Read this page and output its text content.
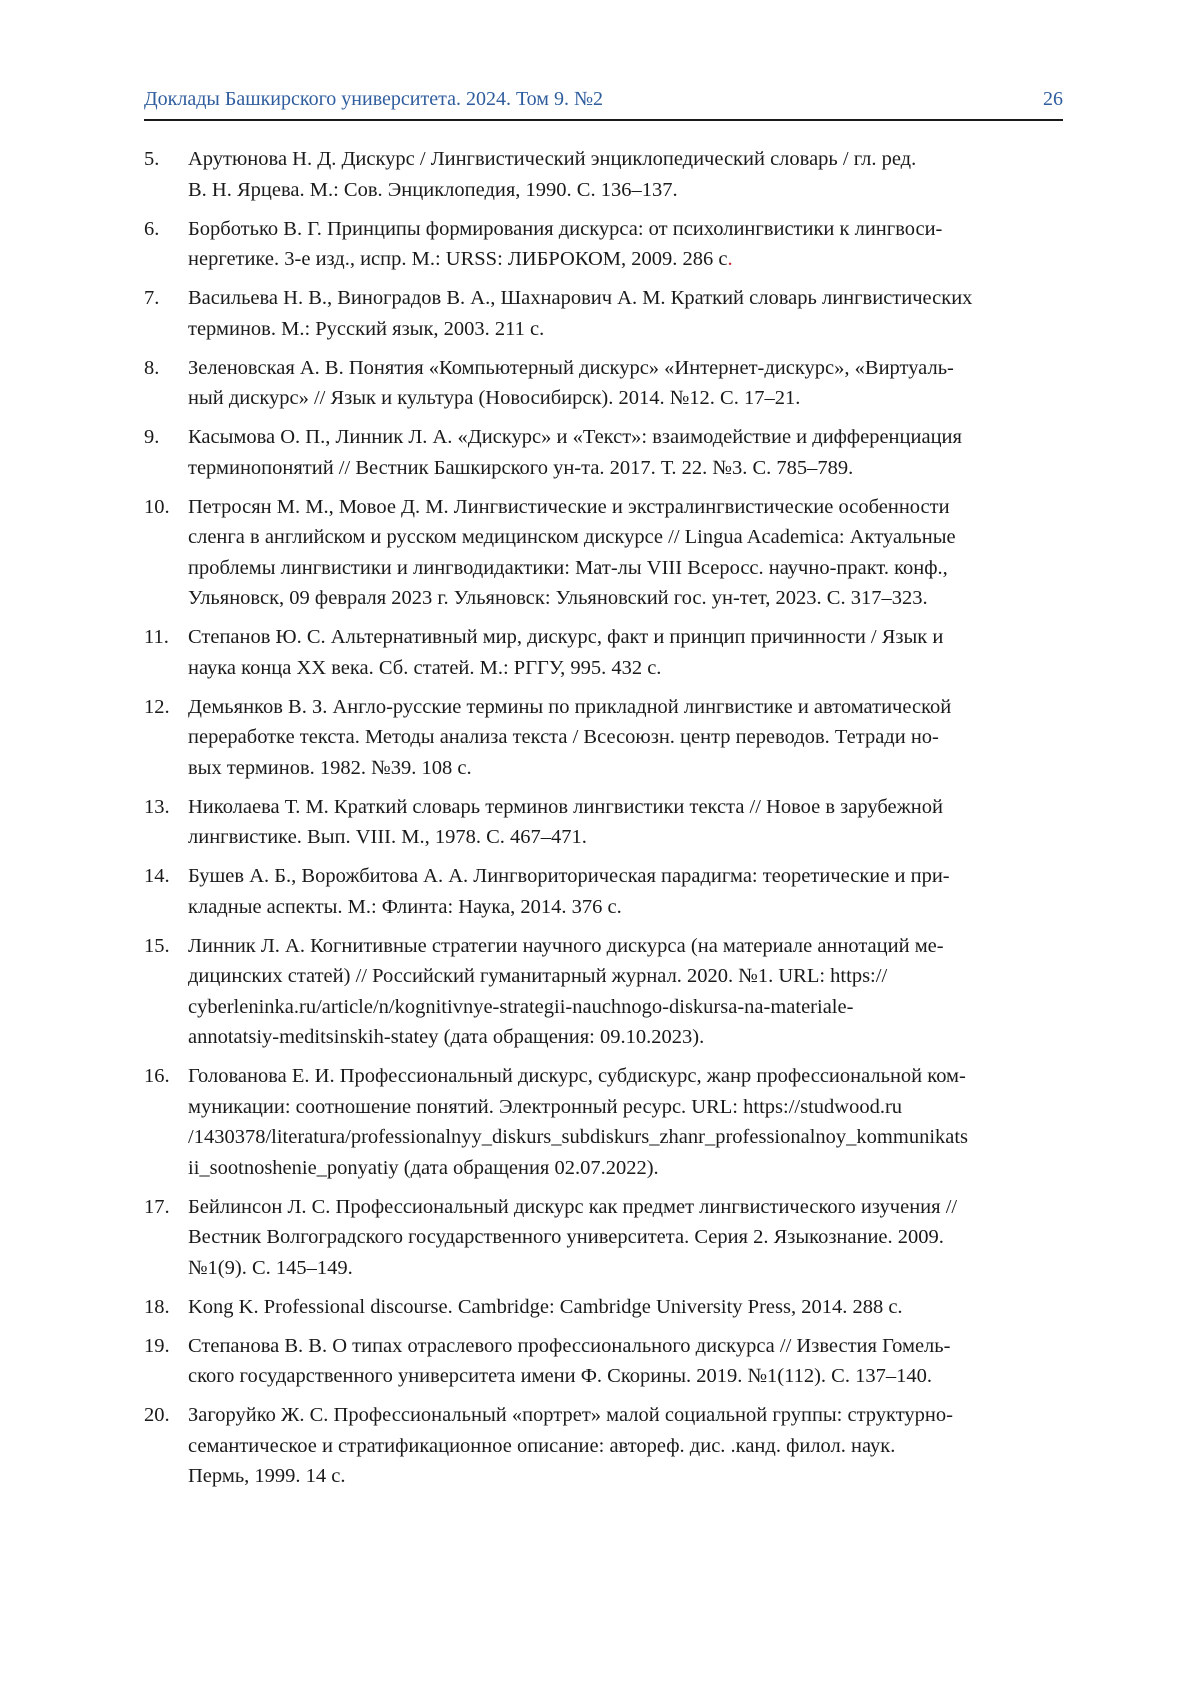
Доклады Башкирского университета. 2024. Том 9. №2	26
5. Арутюнова Н. Д. Дискурс / Лингвистический энциклопедический словарь / гл. ред.
В. Н. Ярцева. М.: Сов. Энциклопедия, 1990. С. 136–137.
6. Борботько В. Г. Принципы формирования дискурса: от психолингвистики к лингвоси-
нергетике. 3-е изд., испр. М.: URSS: ЛИБРОКОМ, 2009. 286 с.
7. Васильева Н. В., Виноградов В. А., Шахнарович А. М. Краткий словарь лингвистических
терминов. М.: Русский язык, 2003. 211 с.
8. Зеленовская А. В. Понятия «Компьютерный дискурс» «Интернет-дискурс», «Виртуаль-
ный дискурс» // Язык и культура (Новосибирск). 2014. №12. С. 17–21.
9. Касымова О. П., Линник Л. А. «Дискурс» и «Текст»: взаимодействие и дифференциация
терминопонятий // Вестник Башкирского ун-та. 2017. Т. 22. №3. С. 785–789.
10. Петросян М. М., Мовое Д. М. Лингвистические и экстралингвистические особенности
сленга в английском и русском медицинском дискурсе // Lingua Academica: Актуальные
проблемы лингвистики и лингводидактики: Мат-лы VIII Всеросс. научно-практ. конф.,
Ульяновск, 09 февраля 2023 г. Ульяновск: Ульяновский гос. ун-тет, 2023. С. 317–323.
11. Степанов Ю. С. Альтернативный мир, дискурс, факт и принцип причинности / Язык и
наука конца XX века. Сб. статей. М.: РГГУ, 995. 432 с.
12. Демьянков В. З. Англо-русские термины по прикладной лингвистике и автоматической
переработке текста. Методы анализа текста / Всесоюзн. центр переводов. Тетради но-
вых терминов. 1982. №39. 108 с.
13. Николаева Т. М. Краткий словарь терминов лингвистики текста // Новое в зарубежной
лингвистике. Вып. VIII. М., 1978. С. 467–471.
14. Бушев А. Б., Ворожбитова А. А. Лингвориторическая парадигма: теоретические и при-
кладные аспекты. М.: Флинта: Наука, 2014. 376 с.
15. Линник Л. А. Когнитивные стратегии научного дискурса (на материале аннотаций ме-
дицинских статей) // Российский гуманитарный журнал. 2020. №1. URL: https://
cyberleninka.ru/article/n/kognitivnye-strategii-nauchnogo-diskursa-na-materiale-
annotatsiy-meditsinskih-statey (дата обращения: 09.10.2023).
16. Голованова Е. И. Профессиональный дискурс, субдискурс, жанр профессиональной ком-
муникации: соотношение понятий. Электронный ресурс. URL: https://studwood.ru
/1430378/literatura/professionalnyy_diskurs_subdiskurs_zhanr_professionalnoy_kommunikats
ii_sootnoshenie_ponyatiy (дата обращения 02.07.2022).
17. Бейлинсон Л. С. Профессиональный дискурс как предмет лингвистического изучения //
Вестник Волгоградского государственного университета. Серия 2. Языкознание. 2009.
№1(9). С. 145–149.
18. Kong K. Professional discourse. Cambridge: Cambridge University Press, 2014. 288 с.
19. Степанова В. В. О типах отраслевого профессионального дискурса // Известия Гомель-
ского государственного университета имени Ф. Скорины. 2019. №1(112). С. 137–140.
20. Загоруйко Ж. С. Профессиональный «портрет» малой социальной группы: структурно-
семантическое и стратификационное описание: автореф. дис. .канд. филол. наук.
Пермь, 1999. 14 с.
